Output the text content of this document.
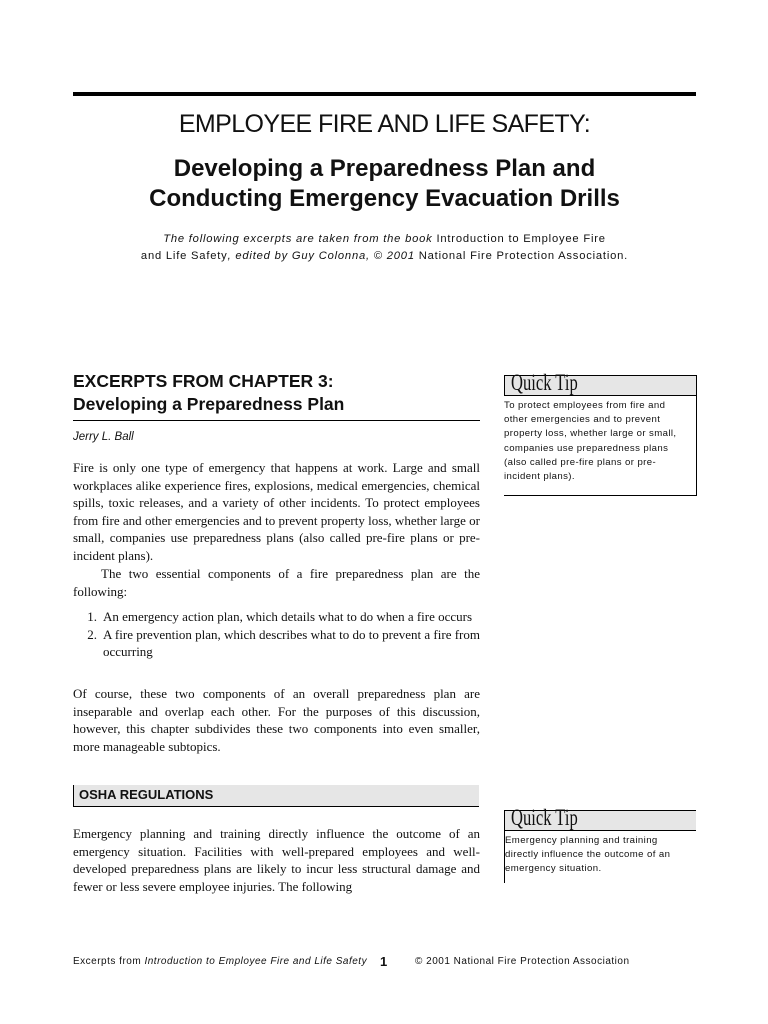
EMPLOYEE FIRE AND LIFE SAFETY:
Developing a Preparedness Plan and
Conducting Emergency Evacuation Drills
The following excerpts are taken from the book Introduction to Employee Fire
and Life Safety, edited by Guy Colonna, © 2001 National Fire Protection Association.
EXCERPTS FROM CHAPTER 3:
Developing a Preparedness Plan
Jerry L. Ball
Fire is only one type of emergency that happens at work. Large and small workplaces alike experience fires, explosions, medical emergencies, chemical spills, toxic releases, and a variety of other incidents. To protect employees from fire and other emergencies and to prevent property loss, whether large or small, companies use preparedness plans (also called pre-fire plans or pre-incident plans).
The two essential components of a fire preparedness plan are the following:
1. An emergency action plan, which details what to do when a fire occurs
2. A fire prevention plan, which describes what to do to prevent a fire from occurring
Of course, these two components of an overall preparedness plan are inseparable and overlap each other. For the purposes of this discussion, however, this chapter subdivides these two components into even smaller, more manageable subtopics.
OSHA REGULATIONS
Emergency planning and training directly influence the outcome of an emergency situation. Facilities with well-prepared employees and well-developed preparedness plans are likely to incur less structural damage and fewer or less severe employee injuries. The following
Quick Tip
To protect employees from fire and other emergencies and to prevent property loss, whether large or small, companies use preparedness plans (also called pre-fire plans or pre-incident plans).
Quick Tip
Emergency planning and training directly influence the outcome of an emergency situation.
Excerpts from Introduction to Employee Fire and Life Safety 1	© 2001 National Fire Protection Association
